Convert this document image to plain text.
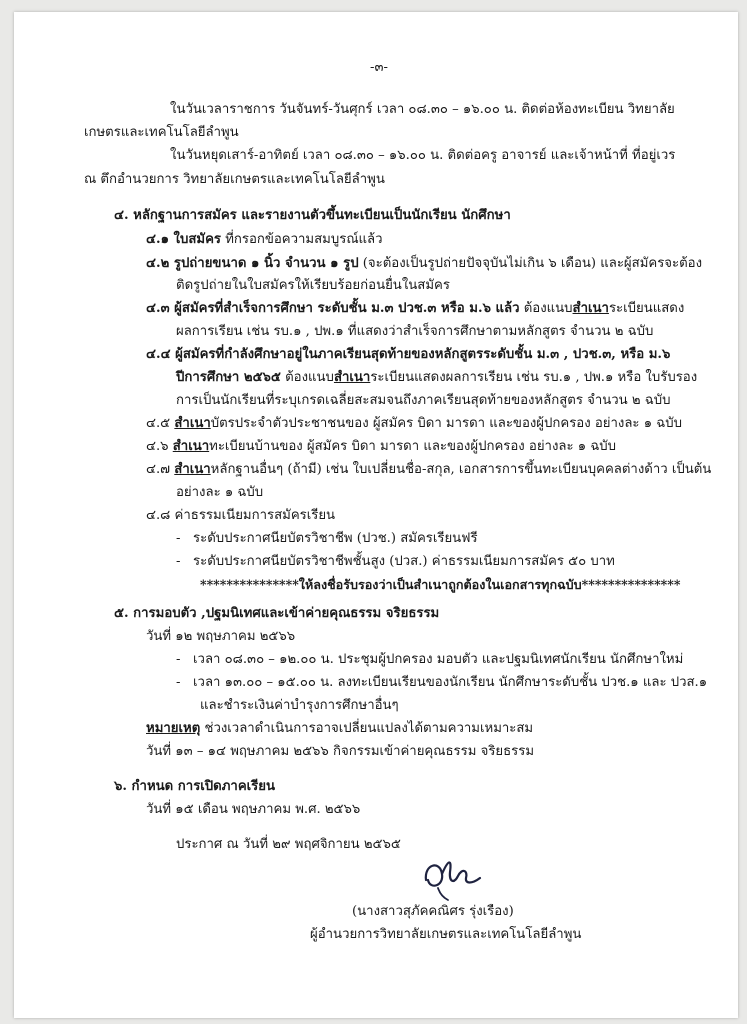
-๓-
ในวันเวลาราชการ วันจันทร์-วันศุกร์ เวลา ๐๘.๓๐ – ๑๖.๐๐ น. ติดต่อห้องทะเบียน วิทยาลัย
เกษตรและเทคโนโลยีลำพูน
ในวันหยุดเสาร์-อาทิตย์ เวลา ๐๘.๓๐ – ๑๖.๐๐ น. ติดต่อครู อาจารย์ และเจ้าหน้าที่ ที่อยู่เวร
ณ ตึกอำนวยการ วิทยาลัยเกษตรและเทคโนโลยีลำพูน
๔. หลักฐานการสมัคร และรายงานตัวขึ้นทะเบียนเป็นนักเรียน นักศึกษา
๔.๑ ใบสมัคร ที่กรอกข้อความสมบูรณ์แล้ว
๔.๒ รูปถ่ายขนาด ๑ นิ้ว จำนวน ๑ รูป (จะต้องเป็นรูปถ่ายปัจจุบันไม่เกิน ๖ เดือน) และผู้สมัครจะต้อง
ติดรูปถ่ายในใบสมัครให้เรียบร้อยก่อนยื่นในสมัคร
๔.๓ ผู้สมัครที่สำเร็จการศึกษา ระดับชั้น ม.๓ ปวช.๓ หรือ ม.๖ แล้ว ต้องแนบสำเนาระเบียนแสดง
ผลการเรียน เช่น รบ.๑ , ปพ.๑ ที่แสดงว่าสำเร็จการศึกษาตามหลักสูตร จำนวน ๒ ฉบับ
๔.๔ ผู้สมัครที่กำลังศึกษาอยู่ในภาคเรียนสุดท้ายของหลักสูตรระดับชั้น ม.๓ , ปวช.๓, หรือ ม.๖
ปีการศึกษา ๒๕๖๕ ต้องแนบสำเนาระเบียนแสดงผลการเรียน เช่น รบ.๑ , ปพ.๑ หรือ ใบรับรอง
การเป็นนักเรียนที่ระบุเกรดเฉลี่ยสะสมจนถึงภาคเรียนสุดท้ายของหลักสูตร จำนวน ๒ ฉบับ
๔.๕ สำเนาบัตรประจำตัวประชาชนของ ผู้สมัคร บิดา มารดา และของผู้ปกครอง อย่างละ ๑ ฉบับ
๔.๖ สำเนาทะเบียนบ้านของ ผู้สมัคร บิดา มารดา และของผู้ปกครอง อย่างละ ๑ ฉบับ
๔.๗ สำเนาหลักฐานอื่นๆ (ถ้ามี) เช่น ใบเปลี่ยนชื่อ-สกุล, เอกสารการขึ้นทะเบียนบุคคลต่างด้าว เป็นต้น
อย่างละ ๑ ฉบับ
๔.๘ ค่าธรรมเนียมการสมัครเรียน
- ระดับประกาศนียบัตรวิชาชีพ (ปวช.) สมัครเรียนฟรี
- ระดับประกาศนียบัตรวิชาชีพชั้นสูง (ปวส.) ค่าธรรมเนียมการสมัคร ๕๐ บาท
***************ให้ลงชื่อรับรองว่าเป็นสำเนาถูกต้องในเอกสารทุกฉบับ***************
๕. การมอบตัว ,ปฐมนิเทศและเข้าค่ายคุณธรรม จริยธรรม
วันที่ ๑๒ พฤษภาคม ๒๕๖๖
- เวลา ๐๘.๓๐ – ๑๒.๐๐ น. ประชุมผู้ปกครอง มอบตัว และปฐมนิเทศนักเรียน นักศึกษาใหม่
- เวลา ๑๓.๐๐ – ๑๕.๐๐ น. ลงทะเบียนเรียนของนักเรียน นักศึกษาระดับชั้น ปวช.๑ และ ปวส.๑
และชำระเงินค่าบำรุงการศึกษาอื่นๆ
หมายเหตุ ช่วงเวลาดำเนินการอาจเปลี่ยนแปลงได้ตามความเหมาะสม
วันที่ ๑๓ – ๑๔ พฤษภาคม ๒๕๖๖ กิจกรรมเข้าค่ายคุณธรรม จริยธรรม
๖. กำหนด การเปิดภาคเรียน
วันที่ ๑๕ เดือน พฤษภาคม พ.ศ. ๒๕๖๖
ประกาศ ณ วันที่ ๒๙ พฤศจิกายน ๒๕๖๕
(นางสาวสุภัคคณิศร รุ่งเรือง)
ผู้อำนวยการวิทยาลัยเกษตรและเทคโนโลยีลำพูน
